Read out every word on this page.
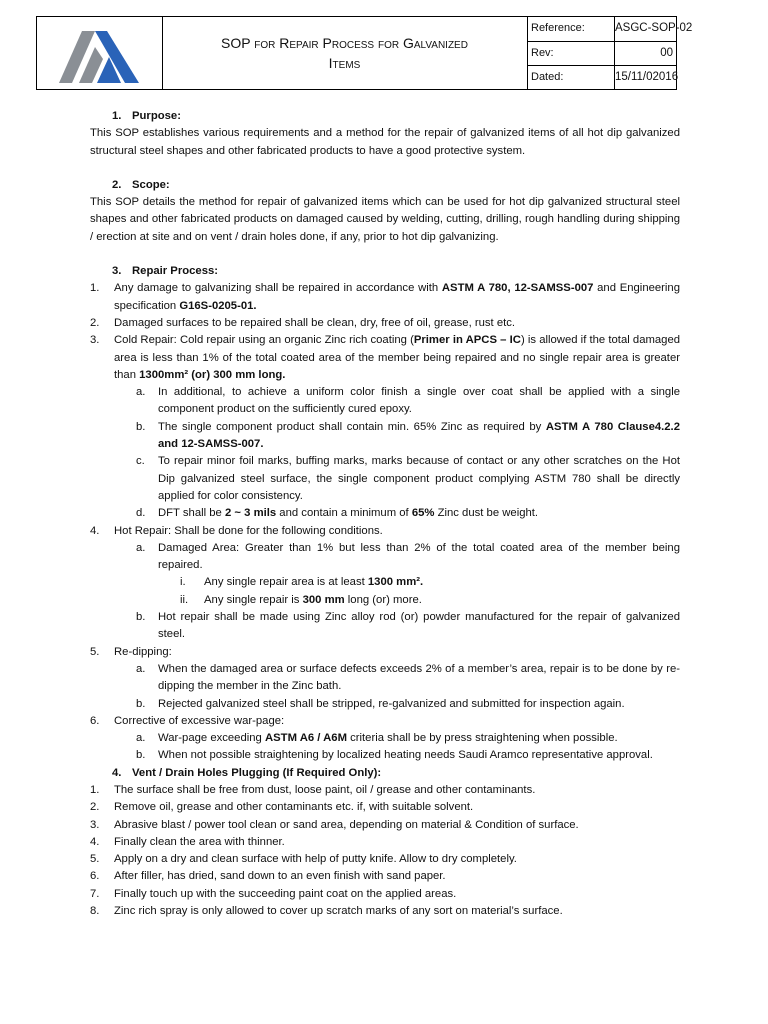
SOP for Repair Process for Galvanized
Items
Reference:	ASGC-SOP-02
Rev:	00
Dated:	15/11/02016
1. Purpose:
This SOP establishes various requirements and a method for the repair of galvanized items of all hot dip galvanized structural steel shapes and other fabricated products to have a good protective system.
2. Scope:
This SOP details the method for repair of galvanized items which can be used for hot dip galvanized structural steel shapes and other fabricated products on damaged caused by welding, cutting, drilling, rough handling during shipping / erection at site and on vent / drain holes done, if any, prior to hot dip galvanizing.
3. Repair Process:
1. Any damage to galvanizing shall be repaired in accordance with ASTM A 780, 12-SAMSS-007 and Engineering specification G16S-0205-01.
2. Damaged surfaces to be repaired shall be clean, dry, free of oil, grease, rust etc.
3. Cold Repair: Cold repair using an organic Zinc rich coating (Primer in APCS – IC) is allowed if the total damaged area is less than 1% of the total coated area of the member being repaired and no single repair area is greater than 1300mm² (or) 300 mm long.
a. In additional, to achieve a uniform color finish a single over coat shall be applied with a single component product on the sufficiently cured epoxy.
b. The single component product shall contain min. 65% Zinc as required by ASTM A 780 Clause4.2.2 and 12-SAMSS-007.
c. To repair minor foil marks, buffing marks, marks because of contact or any other scratches on the Hot Dip galvanized steel surface, the single component product complying ASTM 780 shall be directly applied for color consistency.
d. DFT shall be 2 ~ 3 mils and contain a minimum of 65% Zinc dust be weight.
4. Hot Repair: Shall be done for the following conditions.
a. Damaged Area: Greater than 1% but less than 2% of the total coated area of the member being repaired.
i. Any single repair area is at least 1300 mm².
ii. Any single repair is 300 mm long (or) more.
b. Hot repair shall be made using Zinc alloy rod (or) powder manufactured for the repair of galvanized steel.
5. Re-dipping:
a. When the damaged area or surface defects exceeds 2% of a member’s area, repair is to be done by re-dipping the member in the Zinc bath.
b. Rejected galvanized steel shall be stripped, re-galvanized and submitted for inspection again.
6. Corrective of excessive war-page:
a. War-page exceeding ASTM A6 / A6M criteria shall be by press straightening when possible.
b. When not possible straightening by localized heating needs Saudi Aramco representative approval.
4. Vent / Drain Holes Plugging (If Required Only):
1. The surface shall be free from dust, loose paint, oil / grease and other contaminants.
2. Remove oil, grease and other contaminants etc. if, with suitable solvent.
3. Abrasive blast / power tool clean or sand area, depending on material & Condition of surface.
4. Finally clean the area with thinner.
5. Apply on a dry and clean surface with help of putty knife. Allow to dry completely.
6. After filler, has dried, sand down to an even finish with sand paper.
7. Finally touch up with the succeeding paint coat on the applied areas.
8. Zinc rich spray is only allowed to cover up scratch marks of any sort on material’s surface.
